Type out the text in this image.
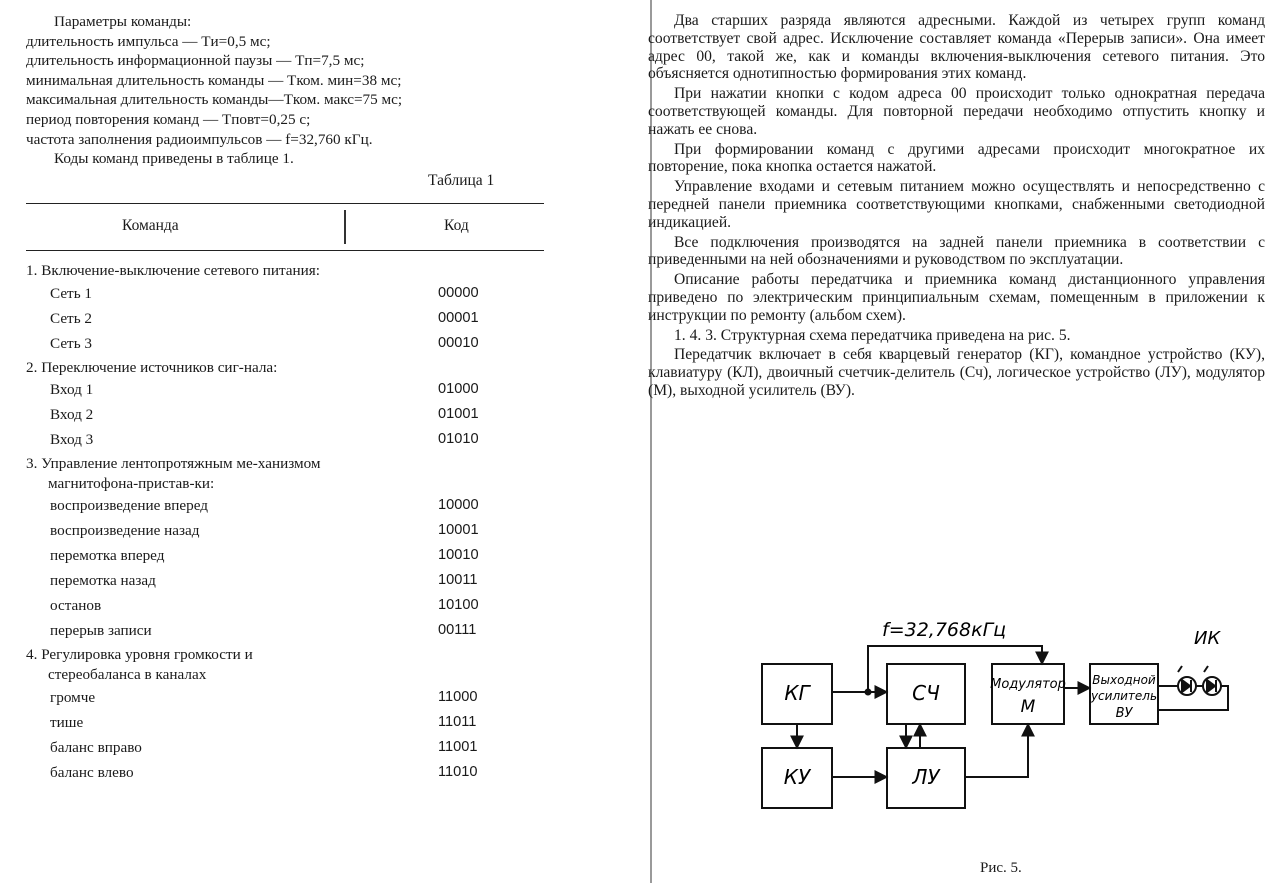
Параметры команды:
длительность импульса — Tи=0,5 мс;
длительность информационной паузы — Tп=7,5 мс;
минимальная длительность команды — Tком. мин=38 мс;
максимальная длительность команды—Tком. макс=75 мс;
период повторения команд — Tповт=0,25 с;
частота заполнения радиоимпульсов — f=32,760 кГц.
Коды команд приведены в таблице 1.
Таблица 1
Команда	Код
1. Включение-выключение сетевого питания:
Сеть 1	00000
Сеть 2	00001
Сеть 3	00010
2. Переключение источников сиг-нала:
Вход 1	01000
Вход 2	01001
Вход 3	01010
3. Управление лентопротяжным ме-ханизмом магнитофона-пристав-ки:
воспроизведение вперед	10000
воспроизведение назад	10001
перемотка вперед	10010
перемотка назад	10011
останов	10100
перерыв записи	00111
4. Регулировка уровня громкости и стереобаланса в каналах
громче	11000
тише	11011
баланс вправо	11001
баланс влево	11010

Два старших разряда являются адресными. Каждой из четырех групп команд соответствует свой адрес. Исключение составляет команда «Перерыв записи». Она имеет адрес 00, такой же, как и команды включения-выключения сетевого питания. Это объясняется однотипностью формирования этих команд.

При нажатии кнопки с кодом адреса 00 происходит только однократная передача соответствующей команды. Для повторной передачи необходимо отпустить кнопку и нажать ее снова.

При формировании команд с другими адресами происходит многократное их повторение, пока кнопка остается нажатой.

Управление входами и сетевым питанием можно осуществлять и непосредственно с передней панели приемника соответствующими кнопками, снабженными светодиодной индикацией.

Все подключения производятся на задней панели приемника в соответствии с приведенными на ней обозначениями и руководством по эксплуатации.

Описание работы передатчика и приемника команд дистанционного управления приведено по электрическим принципиальным схемам, помещенным в приложении к инструкции по ремонту (альбом схем).

1. 4. 3. Структурная схема передатчика приведена на рис. 5.

Передатчик включает в себя кварцевый генератор (КГ), командное устройство (КУ), клавиатуру (КЛ), двоичный счетчик-делитель (Сч), логическое устройство (ЛУ), модулятор (М), выходной усилитель (ВУ).

f=32,768кГц	ИК
КГ	СЧ
КУ	ЛУ
Модулятор
М
Выходной
усилитель
ВУ
Рис. 5.
